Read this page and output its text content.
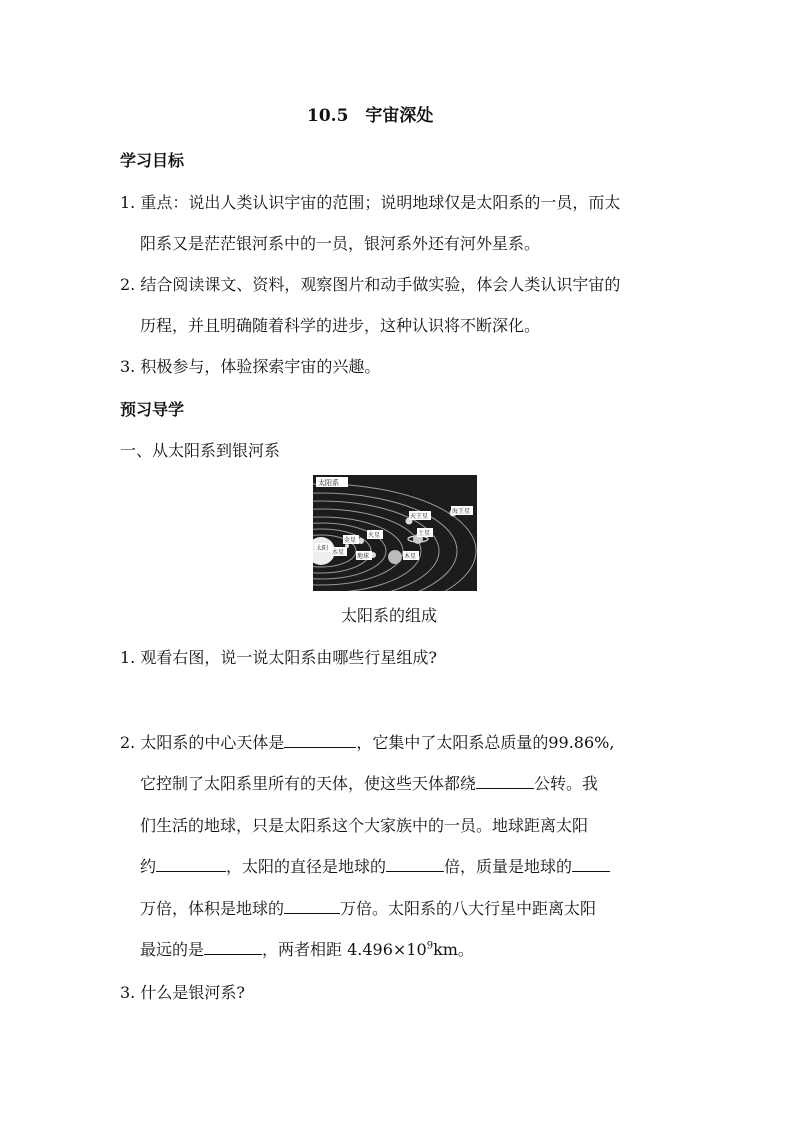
10.5　宇宙深处
学习目标
1. 重点：说出人类认识宇宙的范围；说明地球仅是太阳系的一员，而太
阳系又是茫茫银河系中的一员，银河系外还有河外星系。
2. 结合阅读课文、资料，观察图片和动手做实验，体会人类认识宇宙的
历程，并且明确随着科学的进步，这种认识将不断深化。
3. 积极参与，体验探索宇宙的兴趣。
预习导学
一、从太阳系到银河系
太阳系
太阳
水星
金星
地球
火星
木星
土星
天王星
海王星
太阳系的组成
1. 观看右图，说一说太阳系由哪些行星组成?
2. 太阳系的中心天体是	，它集中了太阳系总质量的99.86%,
它控制了太阳系里所有的天体，使这些天体都绕	公转。我
们生活的地球，只是太阳系这个大家族中的一员。地球距离太阳
约	，太阳的直径是地球的	倍，质量是地球的
万倍，体积是地球的	万倍。太阳系的八大行星中距离太阳
最远的是	，两者相距 $4.496\times 10^9km$。
3. 什么是银河系?
